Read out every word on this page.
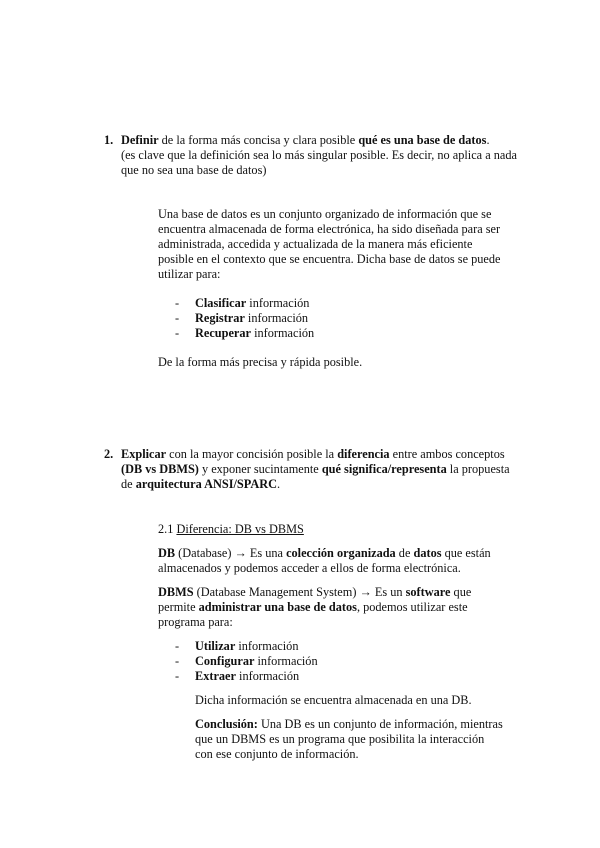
1. Definir de la forma más concisa y clara posible qué es una base de datos.

(es clave que la definición sea lo más singular posible. Es decir, no aplica a nada que no sea una base de datos)

Una base de datos es un conjunto organizado de información que se encuentra almacenada de forma electrónica, ha sido diseñada para ser administrada, accedida y actualizada de la manera más eficiente posible en el contexto que se encuentra. Dicha base de datos se puede utilizar para:

- Clasificar información
- Registrar información
- Recuperar información

De la forma más precisa y rápida posible.

2. Explicar con la mayor concisión posible la diferencia entre ambos conceptos (DB vs DBMS) y exponer sucintamente qué significa/representa la propuesta de arquitectura ANSI/SPARC.

2.1 Diferencia: DB vs DBMS

DB (Database) → Es una colección organizada de datos que están almacenados y podemos acceder a ellos de forma electrónica.

DBMS (Database Management System) → Es un software que permite administrar una base de datos, podemos utilizar este programa para:

- Utilizar información
- Configurar información
- Extraer información

Dicha información se encuentra almacenada en una DB.

Conclusión: Una DB es un conjunto de información, mientras que un DBMS es un programa que posibilita la interacción con ese conjunto de información.
